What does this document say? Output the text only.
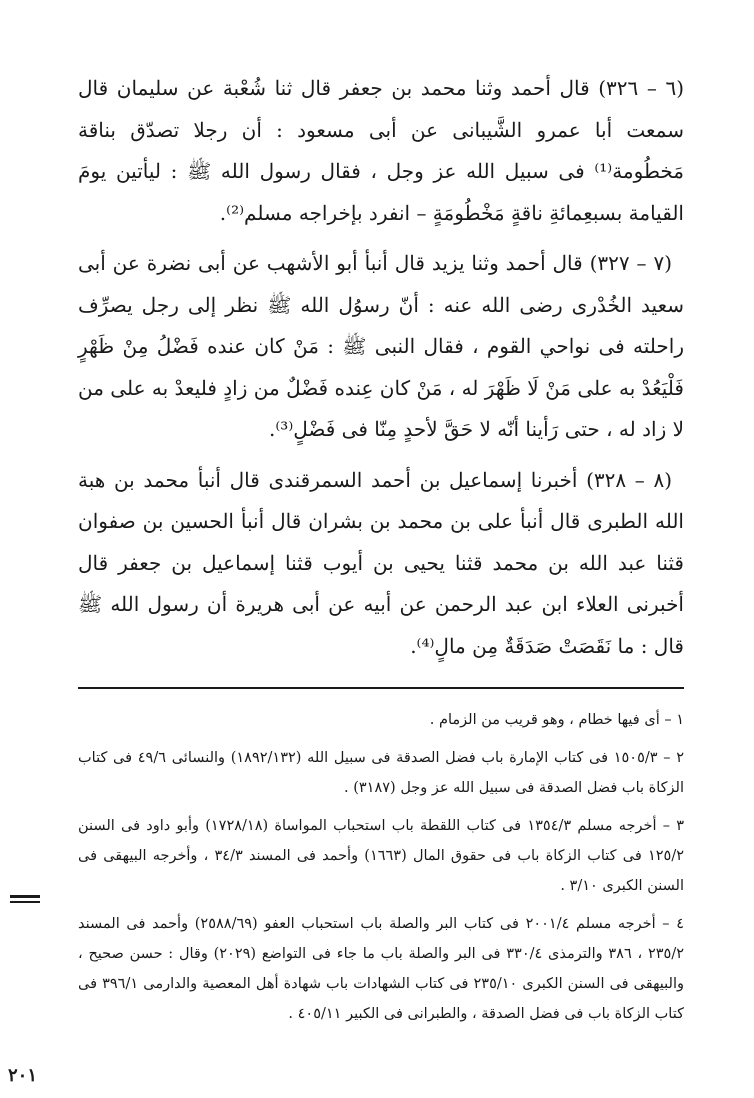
(٦ – ٣٢٦) قال أحمد وثنا محمد بن جعفر قال ثنا شُعْبة عن سليمان قال سمعت أبا عمرو الشَّيبانى عن أبى مسعود : أن رجلا تصدّق بناقة مَخطُومة⁽¹⁾ فى سبيل الله عز وجل ، فقال رسول الله ﷺ : ليأتين يومَ القيامة بسبعِمائةِ ناقةٍ مَخْطُومَةٍ – انفرد بإخراجه مسلم⁽²⁾.

(٧ – ٣٢٧) قال أحمد وثنا يزيد قال أنبأ أبو الأشهب عن أبى نضرة عن أبى سعيد الخُدْرى رضى الله عنه : أنّ رسوُل الله ﷺ نظر إلى رجل يصرِّف راحلته فى نواحي القوم ، فقال النبى ﷺ : مَنْ كان عنده فَضْلُ مِنْ ظَهْرٍ فَلْيَعُدْ به على مَنْ لَا ظَهْرَ له ، مَنْ كان عِنده فَضْلٌ من زادٍ فليعدْ به على من لا زاد له ، حتى رَأينا أنّه لا حَقَّ لأحدٍ مِنّا فى فَضْلٍ⁽³⁾.

(٨ – ٣٢٨) أخبرنا إسماعيل بن أحمد السمرقندى قال أنبأ محمد بن هبة الله الطبرى قال أنبأ على بن محمد بن بشران قال أنبأ الحسين بن صفوان قثنا عبد الله بن محمد قثنا يحيى بن أيوب قثنا إسماعيل بن جعفر قال أخبرنى العلاء ابن عبد الرحمن عن أبيه عن أبى هريرة أن رسول الله ﷺ قال : ما نَقَصَتْ صَدَقَةٌ مِن مالٍ⁽⁴⁾.

١ – أى فيها خطام ، وهو قريب من الزمام .

٢ – ١٥٠٥/٣ فى كتاب الإمارة باب فضل الصدقة فى سبيل الله (١٨٩٢/١٣٢) والنسائى ٤٩/٦ فى كتاب الزكاة باب فضل الصدقة فى سبيل الله عز وجل (٣١٨٧) .

٣ – أخرجه مسلم ١٣٥٤/٣ فى كتاب اللقطة باب استحباب المواساة (١٧٢٨/١٨) وأبو داود فى السنن ١٢٥/٢ فى كتاب الزكاة باب فى حقوق المال (١٦٦٣) وأحمد فى المسند ٣٤/٣ ، وأخرجه البيهقى فى السنن الكبرى ٣/١٠ .

٤ – أخرجه مسلم ٢٠٠١/٤ فى كتاب البر والصلة باب استحباب العفو (٢٥٨٨/٦٩) وأحمد فى المسند ٢٣٥/٢ ، ٣٨٦ والترمذى ٣٣٠/٤ فى البر والصلة باب ما جاء فى التواضع (٢٠٢٩) وقال : حسن صحيح ، والبيهقى فى السنن الكبرى ٢٣٥/١٠ فى كتاب الشهادات باب شهادة أهل المعصية والدارمى ٣٩٦/١ فى كتاب الزكاة باب فى فضل الصدقة ، والطبرانى فى الكبير ٤٠٥/١١ .

٢٠١
